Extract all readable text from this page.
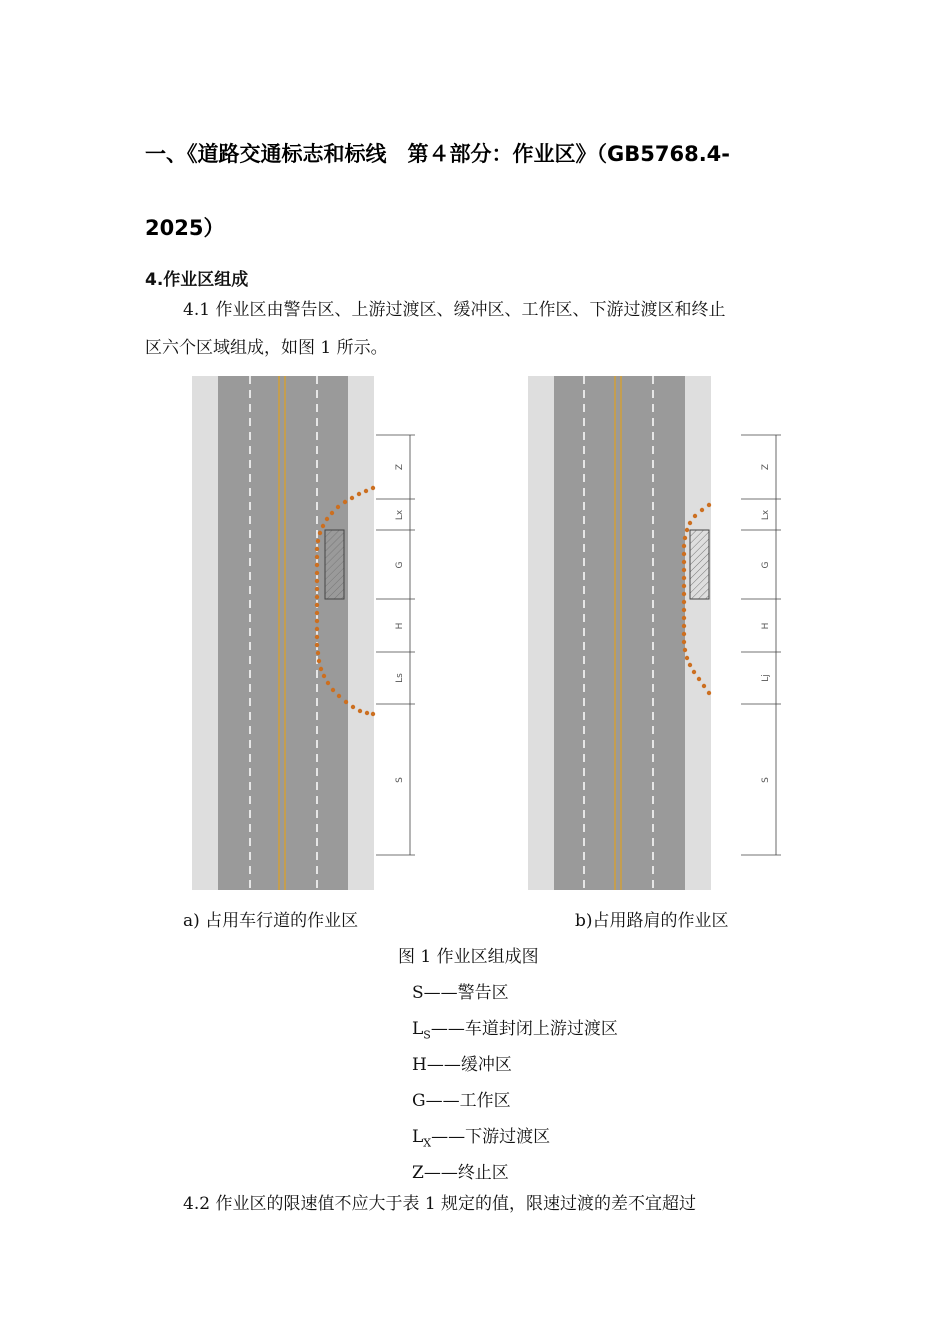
一、《道路交通标志和标线　第４部分：作业区》（GB5768.4-
2025）
4.作业区组成
4.1 作业区由警告区、上游过渡区、缓冲区、工作区、下游过渡区和终止
区六个区域组成，如图 1 所示。
Z
Lx
G
H
Ls
S
Z
Lx
G
H
Lj
S
a) 占用车行道的作业区	b)占用路肩的作业区
图 1 作业区组成图
S——警告区
$L_S——$车道封闭上游过渡区
H——缓冲区
G——工作区
$L_X——$下游过渡区
Z——终止区
4.2 作业区的限速值不应大于表 1 规定的值，限速过渡的差不宜超过
